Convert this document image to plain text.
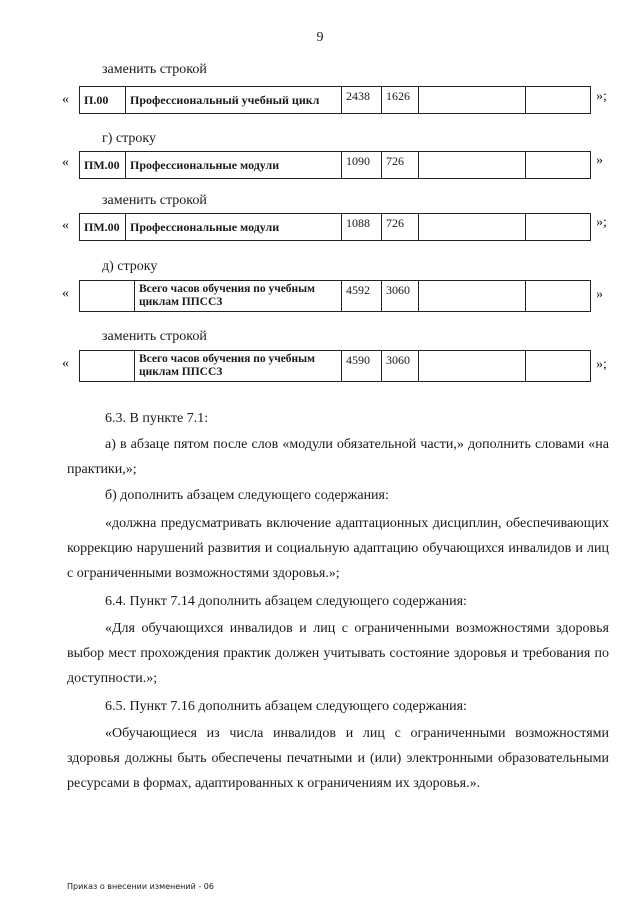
9
заменить строкой
« П.00	Профессиональный учебный цикл	2438	1626			»;
г) строку
« ПМ.00	Профессиональные модули	1090	726			»
заменить строкой
« ПМ.00	Профессиональные модули	1088	726			»;
д) строку
«
		Всего часов обучения по учебным циклам ППССЗ	4592	3060			»
заменить строкой
«
		Всего часов обучения по учебным циклам ППССЗ	4590	3060			»;

6.3. В пункте 7.1:

а) в абзаце пятом после слов «модули обязательной части,» дополнить словами «на практики,»;

б) дополнить абзацем следующего содержания:

«должна предусматривать включение адаптационных дисциплин, обеспечивающих коррекцию нарушений развития и социальную адаптацию обучающихся инвалидов и лиц с ограниченными возможностями здоровья.»;

6.4. Пункт 7.14 дополнить абзацем следующего содержания:

«Для обучающихся инвалидов и лиц с ограниченными возможностями здоровья выбор мест прохождения практик должен учитывать состояние здоровья и требования по доступности.»;

6.5. Пункт 7.16 дополнить абзацем следующего содержания:

«Обучающиеся из числа инвалидов и лиц с ограниченными возможностями здоровья должны быть обеспечены печатными и (или) электронными образовательными ресурсами в формах, адаптированных к ограничениям их здоровья.».

Приказ о внесении изменений - 06
